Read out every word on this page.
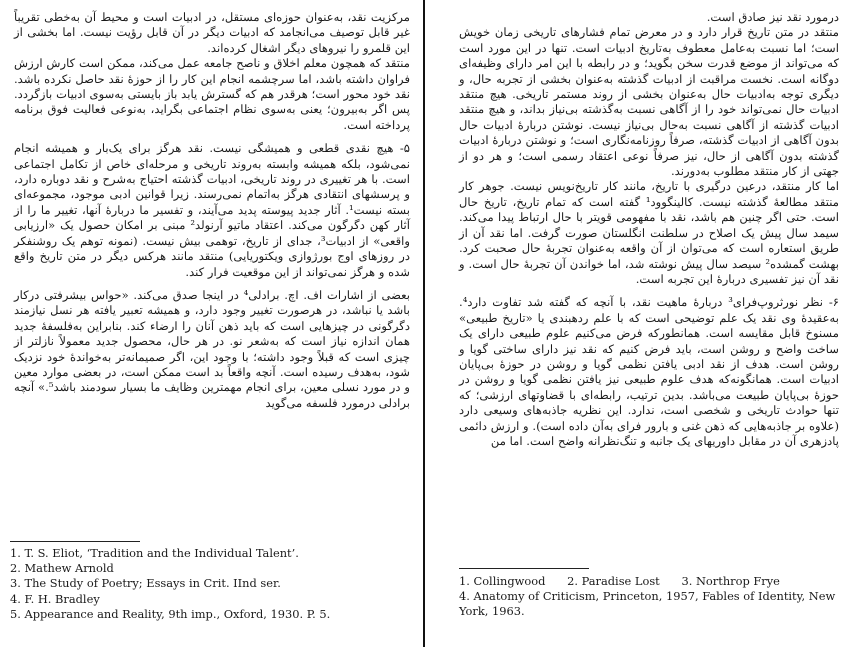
مرکزیت نقد، به‌عنوان حوزه‌ای مستقل، در ادبیات است و محیط آن به‌خطی تقریباً غیر قابل توصیف می‌انجامد که ادبیات دیگر در آن قابل رؤیت نیست. اما بخشی از این قلمرو را نیروهای دیگر اشغال کرده‌اند.

منتقد که همچون معلم اخلاق و ناصح جامعه عمل می‌کند، ممکن است کارش ارزش فراوان داشته باشد، اما سرچشمه انجام این کار را از حوزهٔ نقد حاصل نکرده باشد. نقد خود محور است؛ هرقدر هم که گسترش یابد باز بایستی به‌سوی ادبیات بازگردد. پس اگر به‌بیرون؛ یعنی به‌سوی نظام اجتماعی بگراید، به‌نوعی فعالیت فوق برنامه پرداخته است.

۵- هیچ نقدی قطعی و همیشگی نیست. نقد هرگز برای یک‌بار و همیشه انجام نمی‌شود، بلکه همیشه وابسته به‌روند تاریخی و مرحله‌ای خاص از تکامل اجتماعی است. با هر تغییری در روند تاریخی، ادبیات گذشته احتیاج به‌شرح و نقد دوباره دارد، و پرسشهای انتقادی هرگز به‌اتمام نمی‌رسند. زیرا قوانین ادبی موجود، مجموعه‌ای بسته نیست¹. آثار جدید پیوسته پدید می‌آیند، و تفسیر ما دربارهٔ آنها، تغییر ما را از آثار کهن دگرگون می‌کند. اعتقاد ماتیو آرنولد² مبنی بر امکان حصول یک «ارزیابی واقعی» از ادبیات³، جدای از تاریخ، توهمی بیش نیست. (نمونه توهم یک روشنفکر در روزهای اوج بورژوازی ویکتوریایی) منتقد مانند هرکس دیگر در متن تاریخ واقع شده و هرگز نمی‌تواند از این موقعیت فرار کند.

بعضی از اشارات اف. اچ. برادلی⁴ در اینجا صدق می‌کند. «حواس بیشرفتی درکار باشد یا نباشد، در هرصورت تغییر وجود دارد، و همیشه تعبیر یافته هر نسل نیازمند دگرگونی در چیزهایی است که باید ذهن آنان را ارضاء کند. بنابراین به‌فلسفهٔ جدید همان اندازه نیاز است که به‌شعر نو. در هر حال، محصول جدید معمولاً نازلتر از چیزی است که قبلاً وجود داشته؛ با وجود این، اگر صمیمانه‌تر به‌خواندهٔ خود نزدیک شود، به‌هدف رسیده است. آنچه واقعاً بد است ممکن است، در بعضی موارد معین و در مورد نسلی معین، برای انجام مهمترین وظایف ما بسیار سودمند باشد⁵.» آنچه برادلی درمورد فلسفه می‌گوید

1. T. S. Eliot, ‘Tradition and the Individual Talent’.

2. Mathew Arnold

3. The Study of Poetry; Essays in Crit. IInd ser.

4. F. H. Bradley

5. Appearance and Reality, 9th imp., Oxford, 1930. P. 5.

درمورد نقد نیز صادق است.

منتقد در متن تاریخ قرار دارد و در معرض تمام فشارهای تاریخی زمان خویش است؛ اما نسبت به‌عامل معطوف به‌تاریخ ادبیات است. تنها در این مورد است که می‌تواند از موضع قدرت سخن بگوید؛ و در رابطه با این امر دارای وظیفه‌ای دوگانه است. نخست مراقبت از ادبیات گذشته به‌عنوان بخشی از تجربه حال، و دیگری توجه به‌ادبیات حال به‌عنوان بخشی از روند مستمر تاریخی. هیچ منتقد ادبیات حال نمی‌تواند خود را از آگاهی نسبت به‌گذشته بی‌نیاز بداند، و هیچ منتقد ادبیات گذشته از آگاهی نسبت به‌حال بی‌نیاز نیست. نوشتن دربارهٔ ادبیات حال بدون آگاهی از ادبیات گذشته، صرفاً روزنامه‌نگاری است؛ و نوشتن دربارهٔ ادبیات گذشته بدون آگاهی از حال، نیز صرفاً نوعی اعتقاد رسمی است؛ و هر دو از جهتی از کار منتقد مطلوب به‌دورند.

اما کار منتقد، درعین درگیری با تاریخ، مانند کار تاریخ‌نویس نیست. جوهر کار منتقد مطالعهٔ گذشته نیست. کالینگوود¹ گفته است که تمام تاریخ، تاریخ حال است. حتی اگر چنین هم باشد، نقد با مفهومی قویتر با حال ارتباط پیدا می‌کند. سیمد سال پیش یک اصلاح در سلطنت انگلستان صورت گرفت. اما نقد آن از طریق استعاره است که می‌توان از آن واقعه به‌عنوان تجربهٔ حال صحبت کرد. بهشت گمشده² سیصد سال پیش نوشته شد، اما خواندن آن تجربهٔ حال است. و نقد آن نیز تفسیری دربارهٔ این تجربه است.

۶- نظر نورثروپ‌فرای³ دربارهٔ ماهیت نقد، با آنچه که گفته شد تفاوت دارد⁴. به‌عقیدهٔ وی نقد یک علم توضیحی است که با علم ردهبندی یا «تاریخ طبیعی» مسنوخ قابل مقایسه است. همانطورکه فرض می‌کنیم علوم طبیعی دارای یک ساخت واضح و روشن است، باید فرض کنیم که نقد نیز دارای ساختی گویا و روشن است. هدف از نقد ادبی یافتن نظمی گویا و روشن در حوزهٔ بی‌پایان ادبیات است. همانگونه‌که هدف علوم طبیعی نیز یافتن نظمی گویا و روشن در حوزهٔ بی‌پایان طبیعت می‌باشد. بدین ترتیب، رابطه‌ای با قضاوتهای ارزشی؛ که تنها حوادث تاریخی و شخصی است، ندارد. این نظریه جاذبه‌های وسیعی دارد (علاوه بر جاذبه‌هایی که ذهن غنی و بارور فرای به‌آن داده است). و ارزش دائمی پادزهری آن در مقابل داوریهای یک جانبه و تنگ‌نظرانه واضح است. اما من

1. Collingwood      2. Paradise Lost      3. Northrop Frye

4. Anatomy of Criticism, Princeton, 1957, Fables of Identity, New York, 1963.
